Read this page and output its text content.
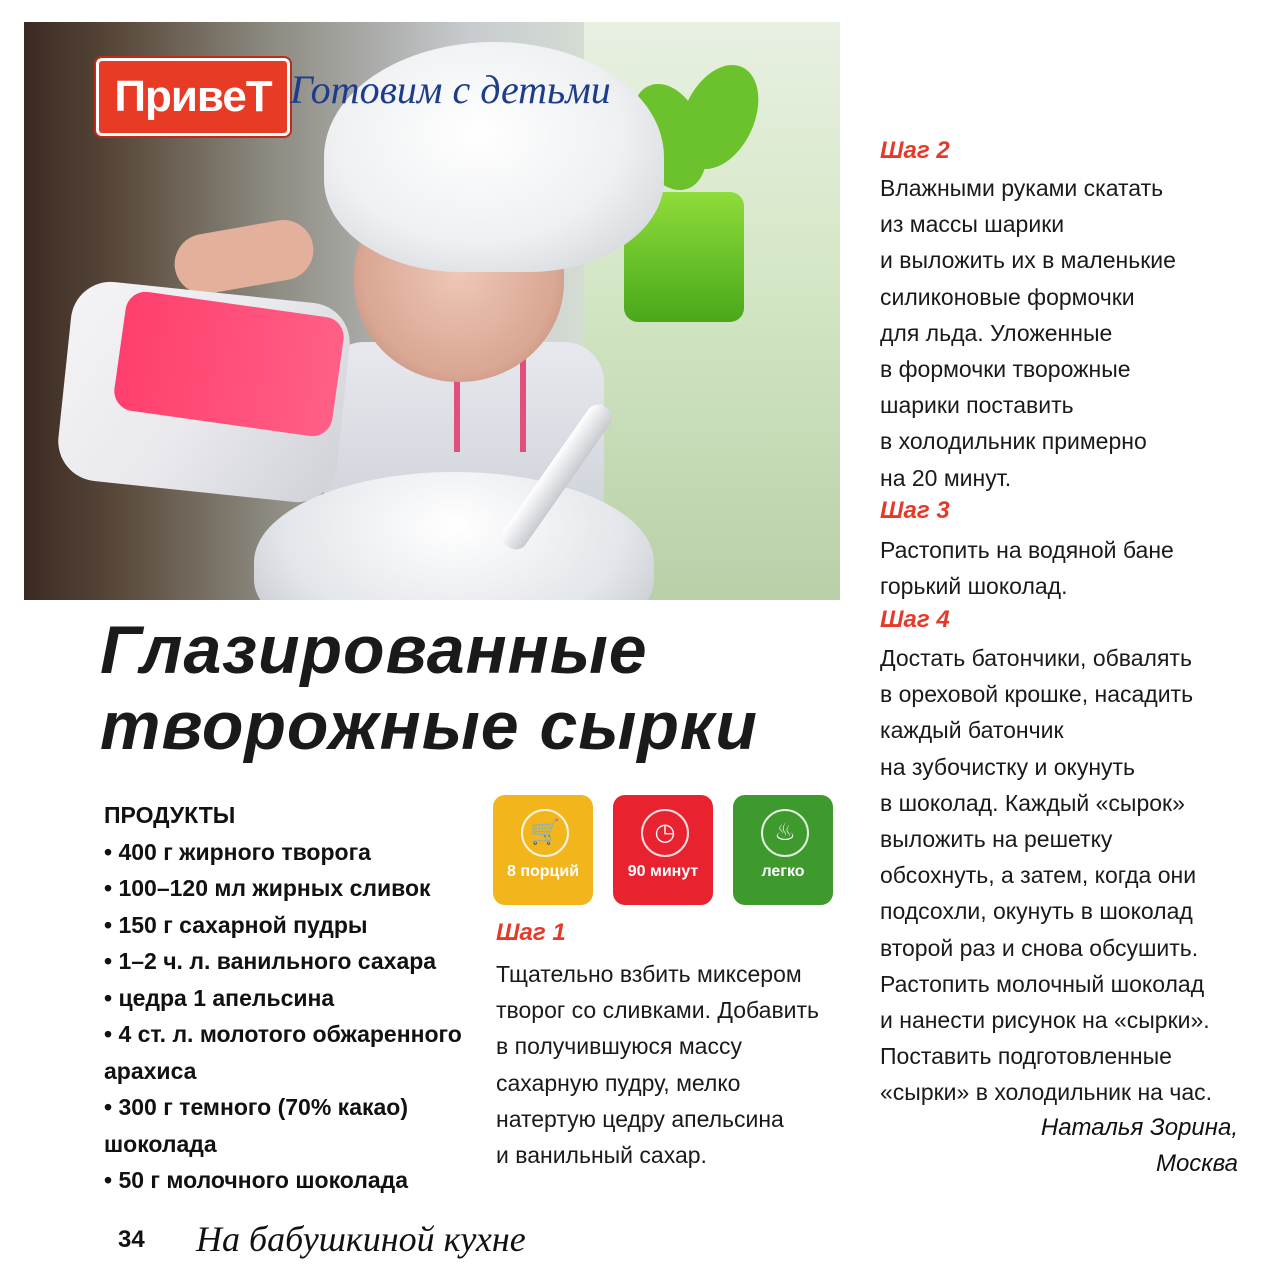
ПривеТ Готовим с детьми
Глазированные
творожные сырки
ПРОДУКТЫ
• 400 г жирного творога
• 100–120 мл жирных сливок
• 150 г сахарной пудры
• 1–2 ч. л. ванильного сахара
• цедра 1 апельсина
• 4 ст. л. молотого обжаренного арахиса
• 300 г темного (70% какао) шоколада
• 50 г молочного шоколада
🛒
8 порций
◷
90 минут
♨
легко
Шаг 1
Тщательно взбить миксером
творог со сливками. Добавить
в получившуюся массу
сахарную пудру, мелко
натертую цедру апельсина
и ванильный сахар.
Шаг 2
Влажными руками скатать
из массы шарики
и выложить их в маленькие
силиконовые формочки
для льда. Уложенные
в формочки творожные
шарики поставить
в холодильник примерно
на 20 минут.
Шаг 3
Растопить на водяной бане
горький шоколад.
Шаг 4
Достать батончики, обвалять
в ореховой крошке, насадить
каждый батончик
на зубочистку и окунуть
в шоколад. Каждый «сырок»
выложить на решетку
обсохнуть, а затем, когда они
подсохли, окунуть в шоколад
второй раз и снова обсушить.
Растопить молочный шоколад
и нанести рисунок на «сырки».
Поставить подготовленные
«сырки» в холодильник на час.
Наталья Зорина,
Москва
34 На бабушкиной кухне
